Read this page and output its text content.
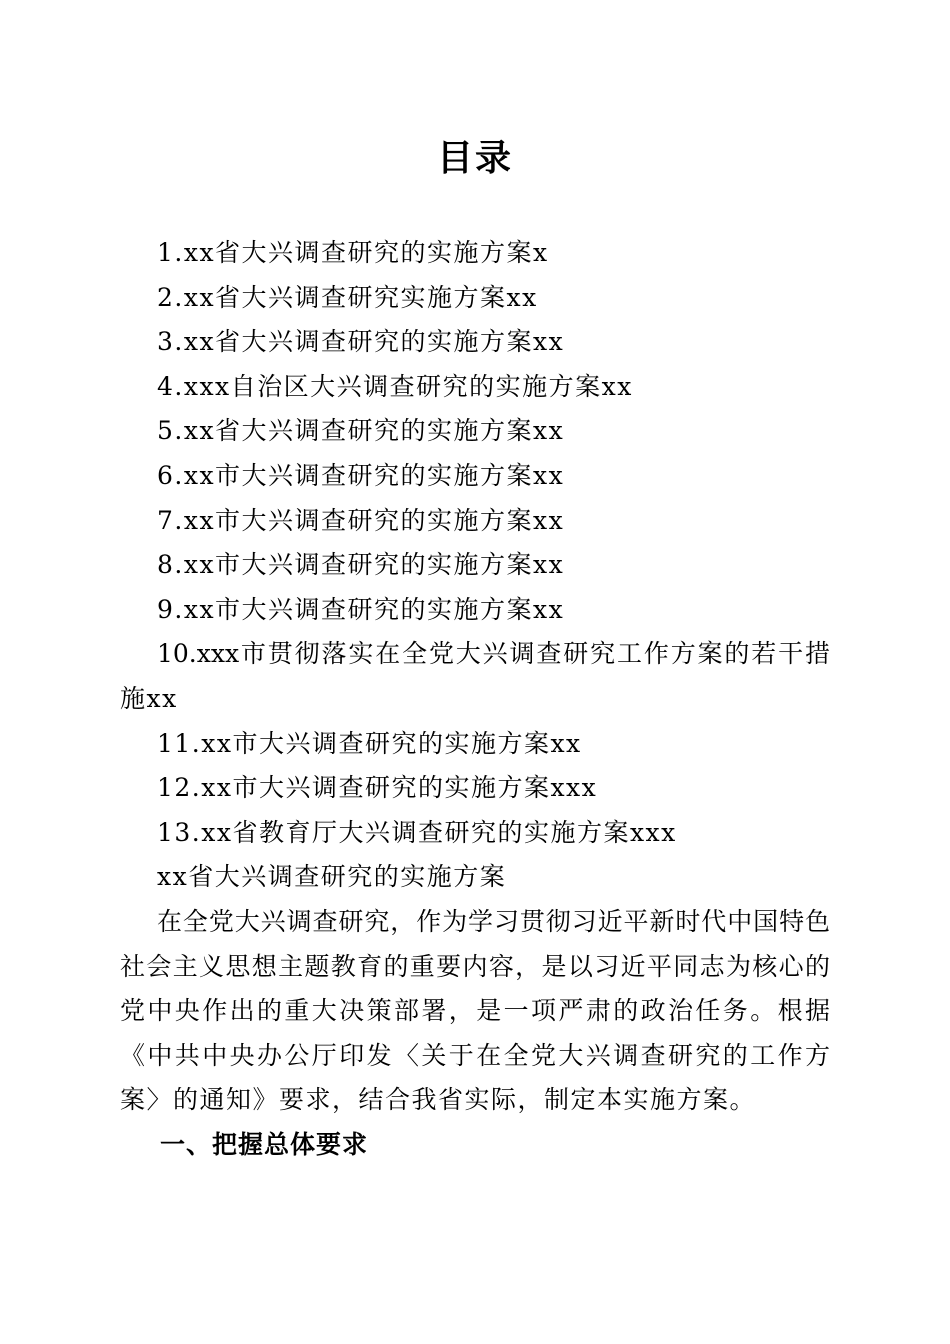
目录
1.xx省大兴调查研究的实施方案x
2.xx省大兴调查研究实施方案xx
3.xx省大兴调查研究的实施方案xx
4.xxx自治区大兴调查研究的实施方案xx
5.xx省大兴调查研究的实施方案xx
6.xx市大兴调查研究的实施方案xx
7.xx市大兴调查研究的实施方案xx
8.xx市大兴调查研究的实施方案xx
9.xx市大兴调查研究的实施方案xx
10.xxx市贯彻落实在全党大兴调查研究工作方案的若干措
施xx
11.xx市大兴调查研究的实施方案xx
12.xx市大兴调查研究的实施方案xxx
13.xx省教育厅大兴调查研究的实施方案xxx
xx省大兴调查研究的实施方案
在全党大兴调查研究，作为学习贯彻习近平新时代中国特色
社会主义思想主题教育的重要内容，是以习近平同志为核心的
党中央作出的重大决策部署，是一项严肃的政治任务。根据
《中共中央办公厅印发〈关于在全党大兴调查研究的工作方
案〉的通知》要求，结合我省实际，制定本实施方案。
一、把握总体要求
